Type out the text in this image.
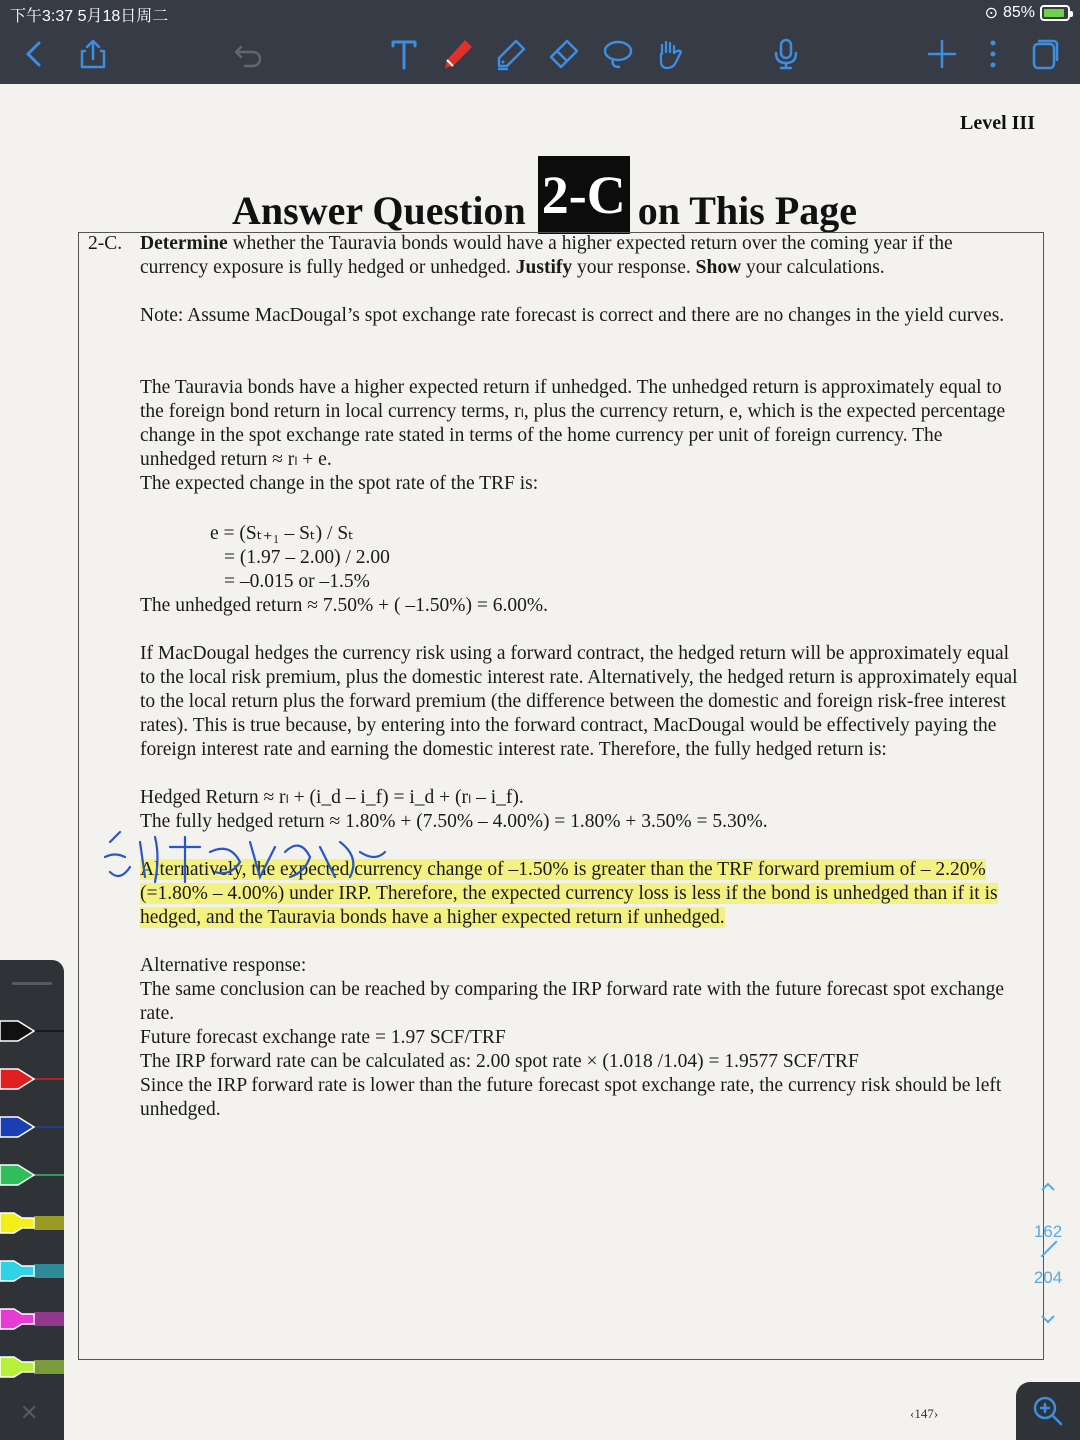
下午3:37 5月18日周二	⊙ 85%
Level III
Answer Question 2-C on This Page
2-C. Determine whether the Tauravia bonds would have a higher expected return over the coming year if the currency exposure is fully hedged or unhedged. Justify your response. Show your calculations.
Note: Assume MacDougal’s spot exchange rate forecast is correct and there are no changes in the yield curves.
The Tauravia bonds have a higher expected return if unhedged. The unhedged return is approximately equal to the foreign bond return in local currency terms, rₗ, plus the currency return, e, which is the expected percentage change in the spot exchange rate stated in terms of the home currency per unit of foreign currency. The unhedged return ≈ rₗ + e.
The expected change in the spot rate of the TRF is:
e = (Sₜ₊₁ – Sₜ) / Sₜ
= (1.97 – 2.00) / 2.00
= –0.015 or –1.5%
The unhedged return ≈ 7.50% + ( –1.50%) = 6.00%.
If MacDougal hedges the currency risk using a forward contract, the hedged return will be approximately equal to the local risk premium, plus the domestic interest rate. Alternatively, the hedged return is approximately equal to the local return plus the forward premium (the difference between the domestic and foreign risk-free interest rates). This is true because, by entering into the forward contract, MacDougal would be effectively paying the foreign interest rate and earning the domestic interest rate. Therefore, the fully hedged return is:
Hedged Return ≈ rₗ + (i_d – i_f) = i_d + (rₗ – i_f).
The fully hedged return ≈ 1.80% + (7.50% – 4.00%) = 1.80% + 3.50% = 5.30%.
Alternatively, the expected currency change of –1.50% is greater than the TRF forward premium of – 2.20% (=1.80% – 4.00%) under IRP. Therefore, the expected currency loss is less if the bond is unhedged than if it is hedged, and the Tauravia bonds have a higher expected return if unhedged.
Alternative response:
The same conclusion can be reached by comparing the IRP forward rate with the future forecast spot exchange rate.
Future forecast exchange rate = 1.97 SCF/TRF
The IRP forward rate can be calculated as: 2.00 spot rate × (1.018 /1.04) = 1.9577 SCF/TRF
Since the IRP forward rate is lower than the future forecast spot exchange rate, the currency risk should be left unhedged.
‹147›
✕
162
204
